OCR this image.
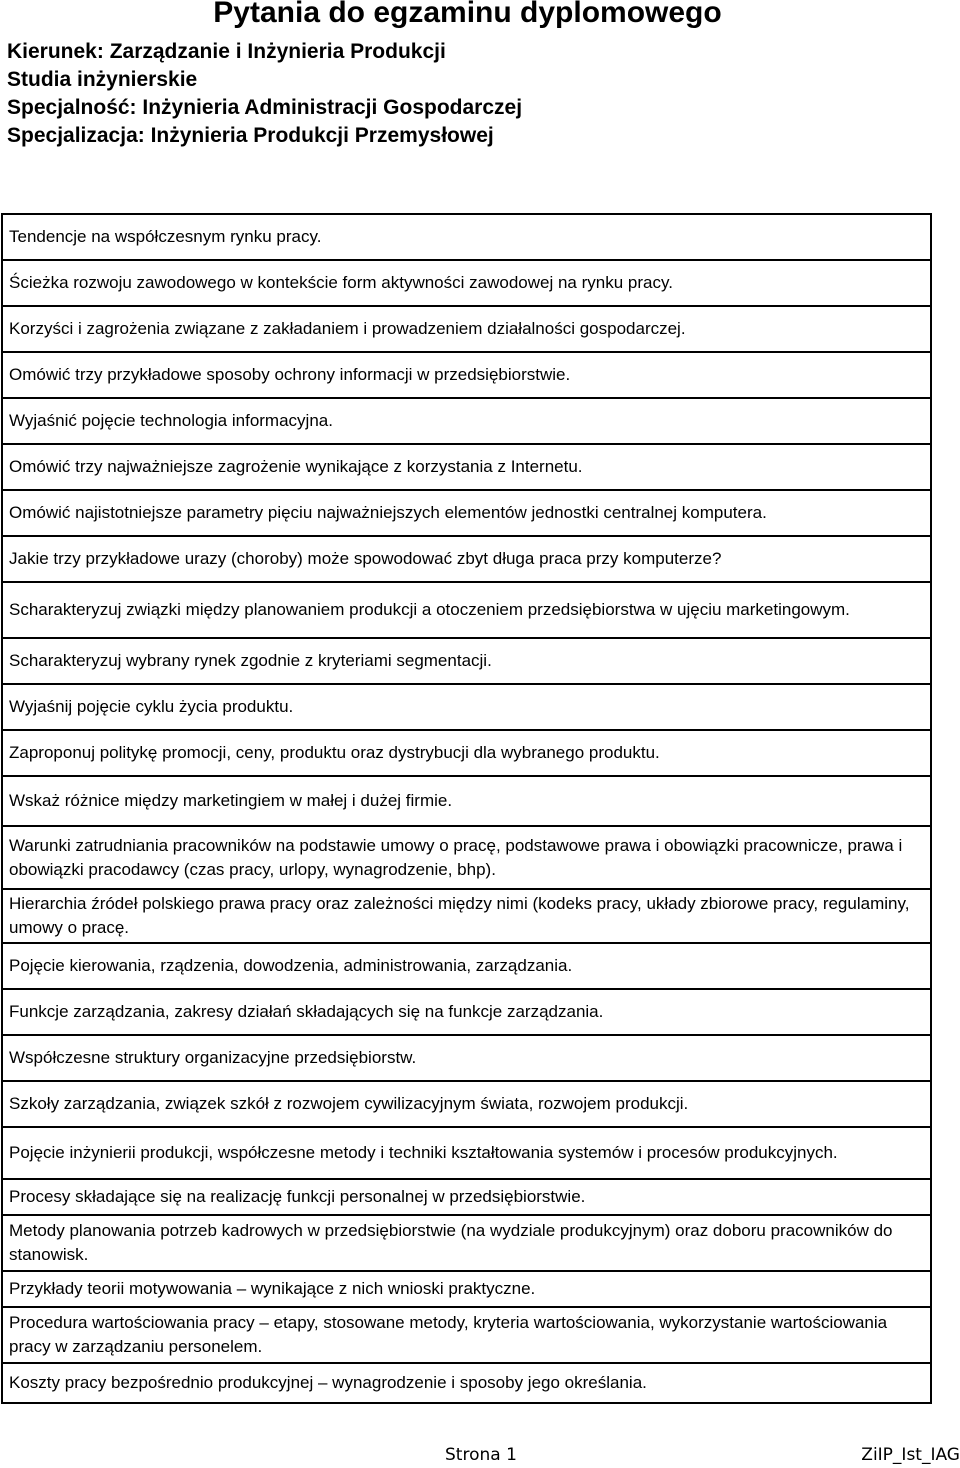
Pytania do egzaminu dyplomowego
Kierunek: Zarządzanie i Inżynieria Produkcji
Studia inżynierskie
Specjalność: Inżynieria Administracji Gospodarczej
Specjalizacja: Inżynieria Produkcji Przemysłowej
Tendencje na współczesnym rynku pracy.
Ścieżka rozwoju zawodowego w kontekście form aktywności zawodowej na rynku pracy.
Korzyści i zagrożenia związane z zakładaniem i prowadzeniem działalności gospodarczej.
Omówić trzy przykładowe sposoby ochrony informacji w przedsiębiorstwie.
Wyjaśnić pojęcie technologia informacyjna.
Omówić trzy najważniejsze zagrożenie wynikające z korzystania z Internetu.
Omówić najistotniejsze parametry pięciu najważniejszych elementów jednostki centralnej komputera.
Jakie trzy przykładowe urazy (choroby) może spowodować zbyt długa praca przy komputerze?
Scharakteryzuj związki między planowaniem produkcji a otoczeniem przedsiębiorstwa w ujęciu marketingowym.
Scharakteryzuj wybrany rynek zgodnie z kryteriami segmentacji.
Wyjaśnij pojęcie cyklu życia produktu.
Zaproponuj politykę promocji, ceny, produktu oraz dystrybucji dla wybranego produktu.
Wskaż różnice między marketingiem w małej i dużej firmie.
Warunki zatrudniania pracowników na podstawie umowy o pracę, podstawowe prawa i obowiązki pracownicze, prawa i obowiązki pracodawcy (czas pracy, urlopy, wynagrodzenie, bhp).
Hierarchia źródeł polskiego prawa pracy oraz zależności między nimi (kodeks pracy, układy zbiorowe pracy, regulaminy, umowy o pracę.
Pojęcie kierowania, rządzenia, dowodzenia, administrowania, zarządzania.
Funkcje zarządzania, zakresy działań składających się na funkcje zarządzania.
Współczesne struktury organizacyjne przedsiębiorstw.
Szkoły zarządzania, związek szkół z rozwojem cywilizacyjnym świata, rozwojem produkcji.
Pojęcie inżynierii produkcji, współczesne metody i techniki kształtowania systemów i procesów produkcyjnych.
Procesy składające się na realizację funkcji personalnej w przedsiębiorstwie.
Metody planowania potrzeb kadrowych w przedsiębiorstwie (na wydziale produkcyjnym) oraz doboru pracowników do stanowisk.
Przykłady teorii motywowania – wynikające z nich wnioski praktyczne.
Procedura wartościowania pracy – etapy, stosowane metody, kryteria wartościowania, wykorzystanie wartościowania pracy w zarządzaniu personelem.
Koszty pracy bezpośrednio produkcyjnej – wynagrodzenie i sposoby jego określania.
Strona 1	ZiIP_Ist_IAG
